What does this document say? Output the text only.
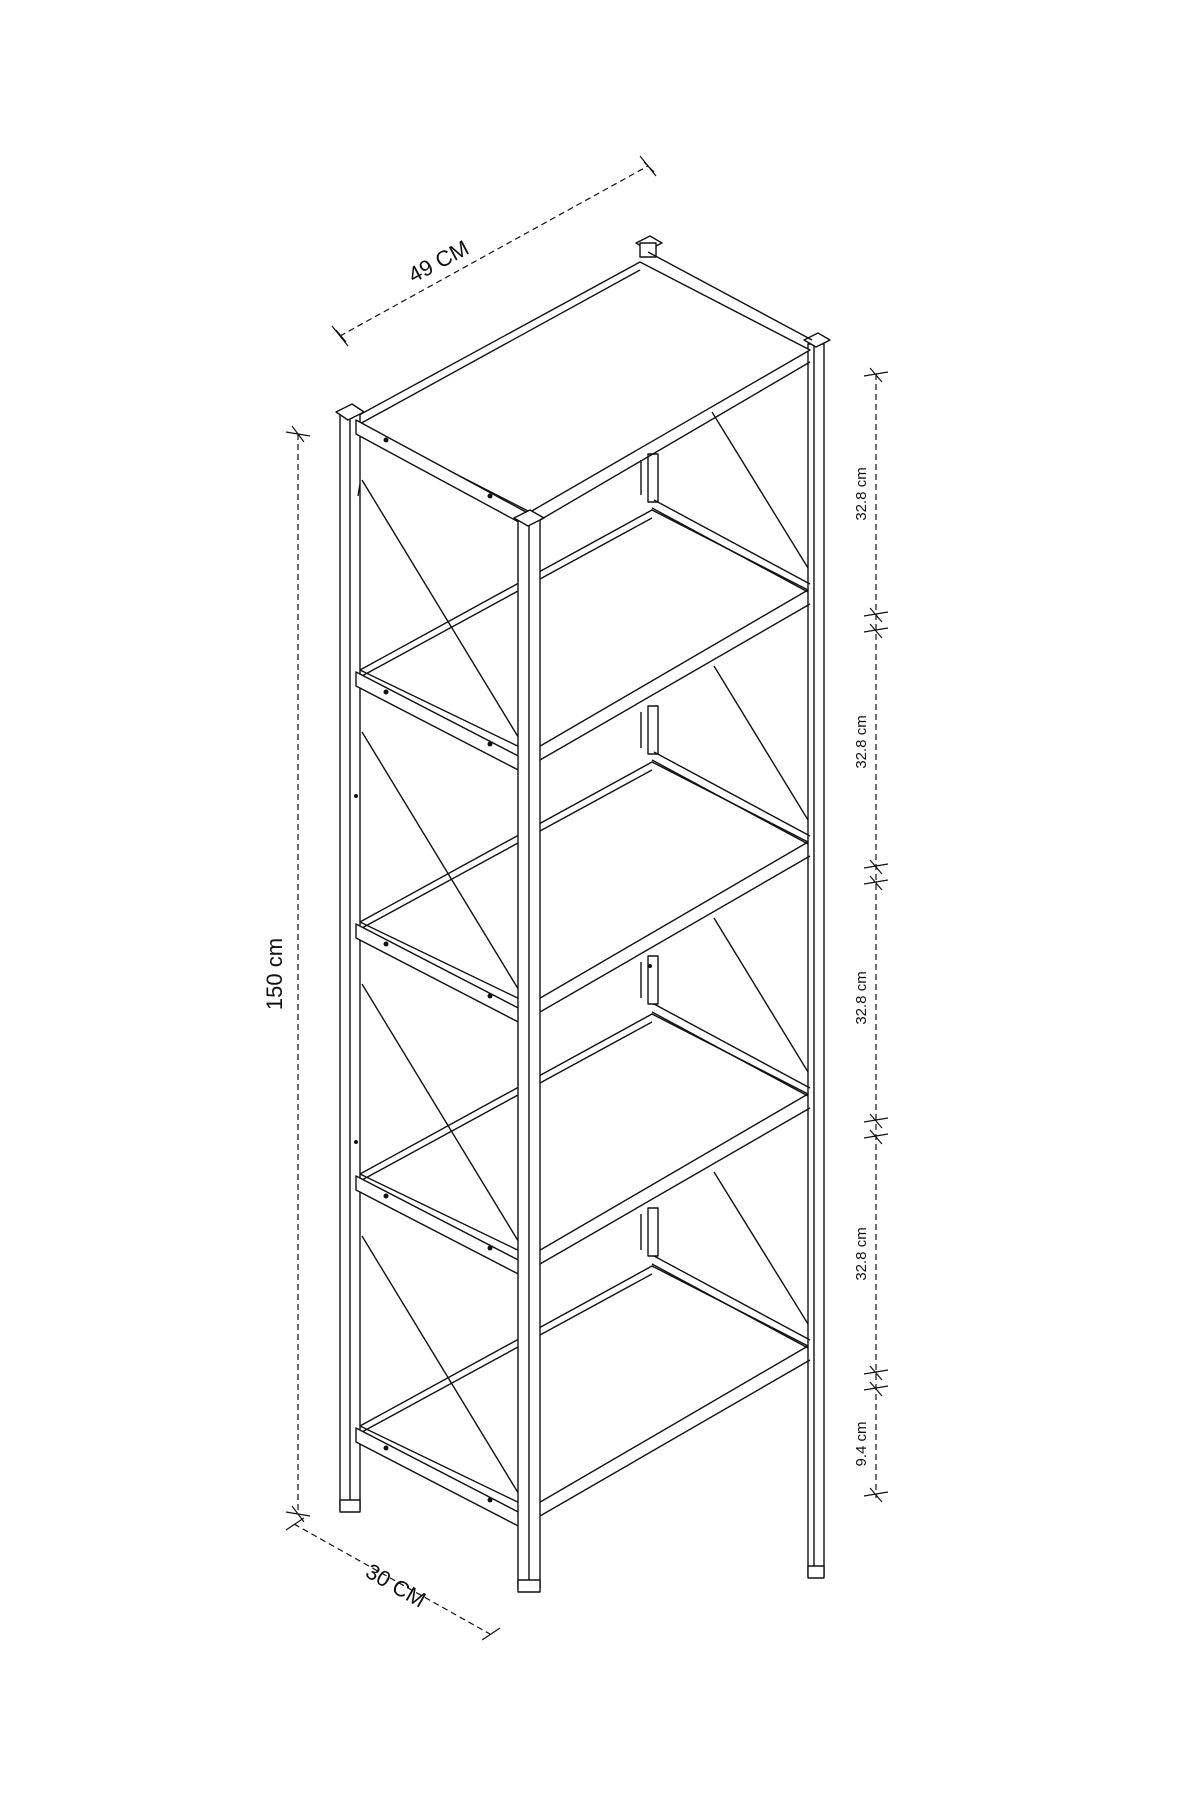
49 CM
30 CM
150 cm
32.8 cm
32.8 cm
32.8 cm
32.8 cm
9.4 cm
